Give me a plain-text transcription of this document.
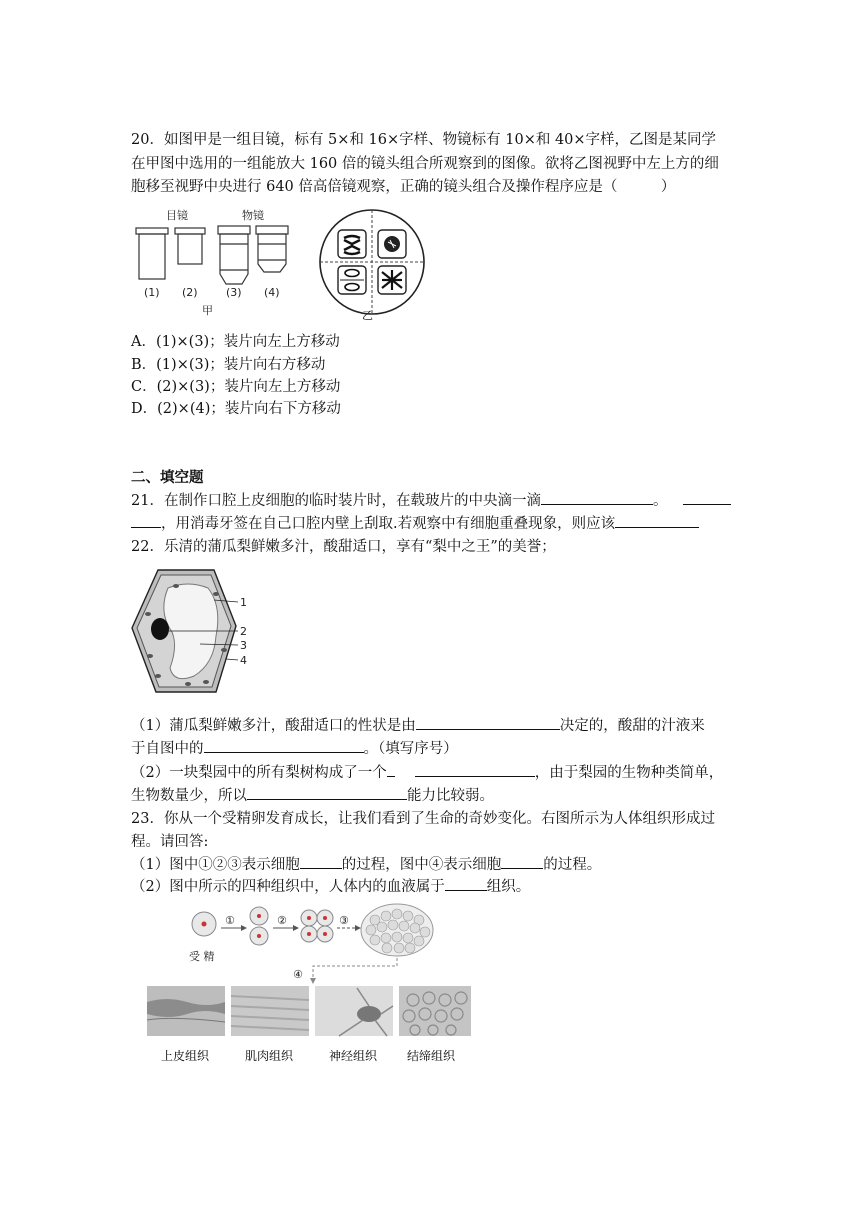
20．如图甲是一组目镜，标有 5×和 16×字样、物镜标有 10×和 40×字样，乙图是某同学
在甲图中选用的一组能放大 160 倍的镜头组合所观察到的图像。欲将乙图视野中左上方的细
胞移至视野中央进行 640 倍高倍镜观察，正确的镜头组合及操作程序应是（　　　）
目镜	物镜
(1) (2)	(3) (4)
甲	乙
A．(1)×(3)；装片向左上方移动
B．(1)×(3)；装片向右方移动
C．(2)×(3)；装片向左上方移动
D．(2)×(4)；装片向右下方移动
二、填空题
21．在制作口腔上皮细胞的临时装片时，在载玻片的中央滴一滴	。
，用消毒牙签在自己口腔内壁上刮取.若观察中有细胞重叠现象，则应该
22．乐清的蒲瓜梨鲜嫩多汁，酸甜适口，享有“梨中之王”的美誉；
1
2
3
4
（1）蒲瓜梨鲜嫩多汁，酸甜适口的性状是由	决定的，酸甜的汁液来
于自图中的	。（填写序号）
（2）一块梨园中的所有梨树构成了一个	，由于梨园的生物种类简单，
生物数量少，所以	能力比较弱。
23．你从一个受精卵发育成长，让我们看到了生命的奇妙变化。右图所示为人体组织形成过
程。请回答:
（1）图中①②③表示细胞	的过程，图中④表示细胞	的过程。
（2）图中所示的四种组织中，人体内的血液属于	组织。
受 精
①	②	③
④
上皮组织	肌肉组织	神经组织 结缔组织
